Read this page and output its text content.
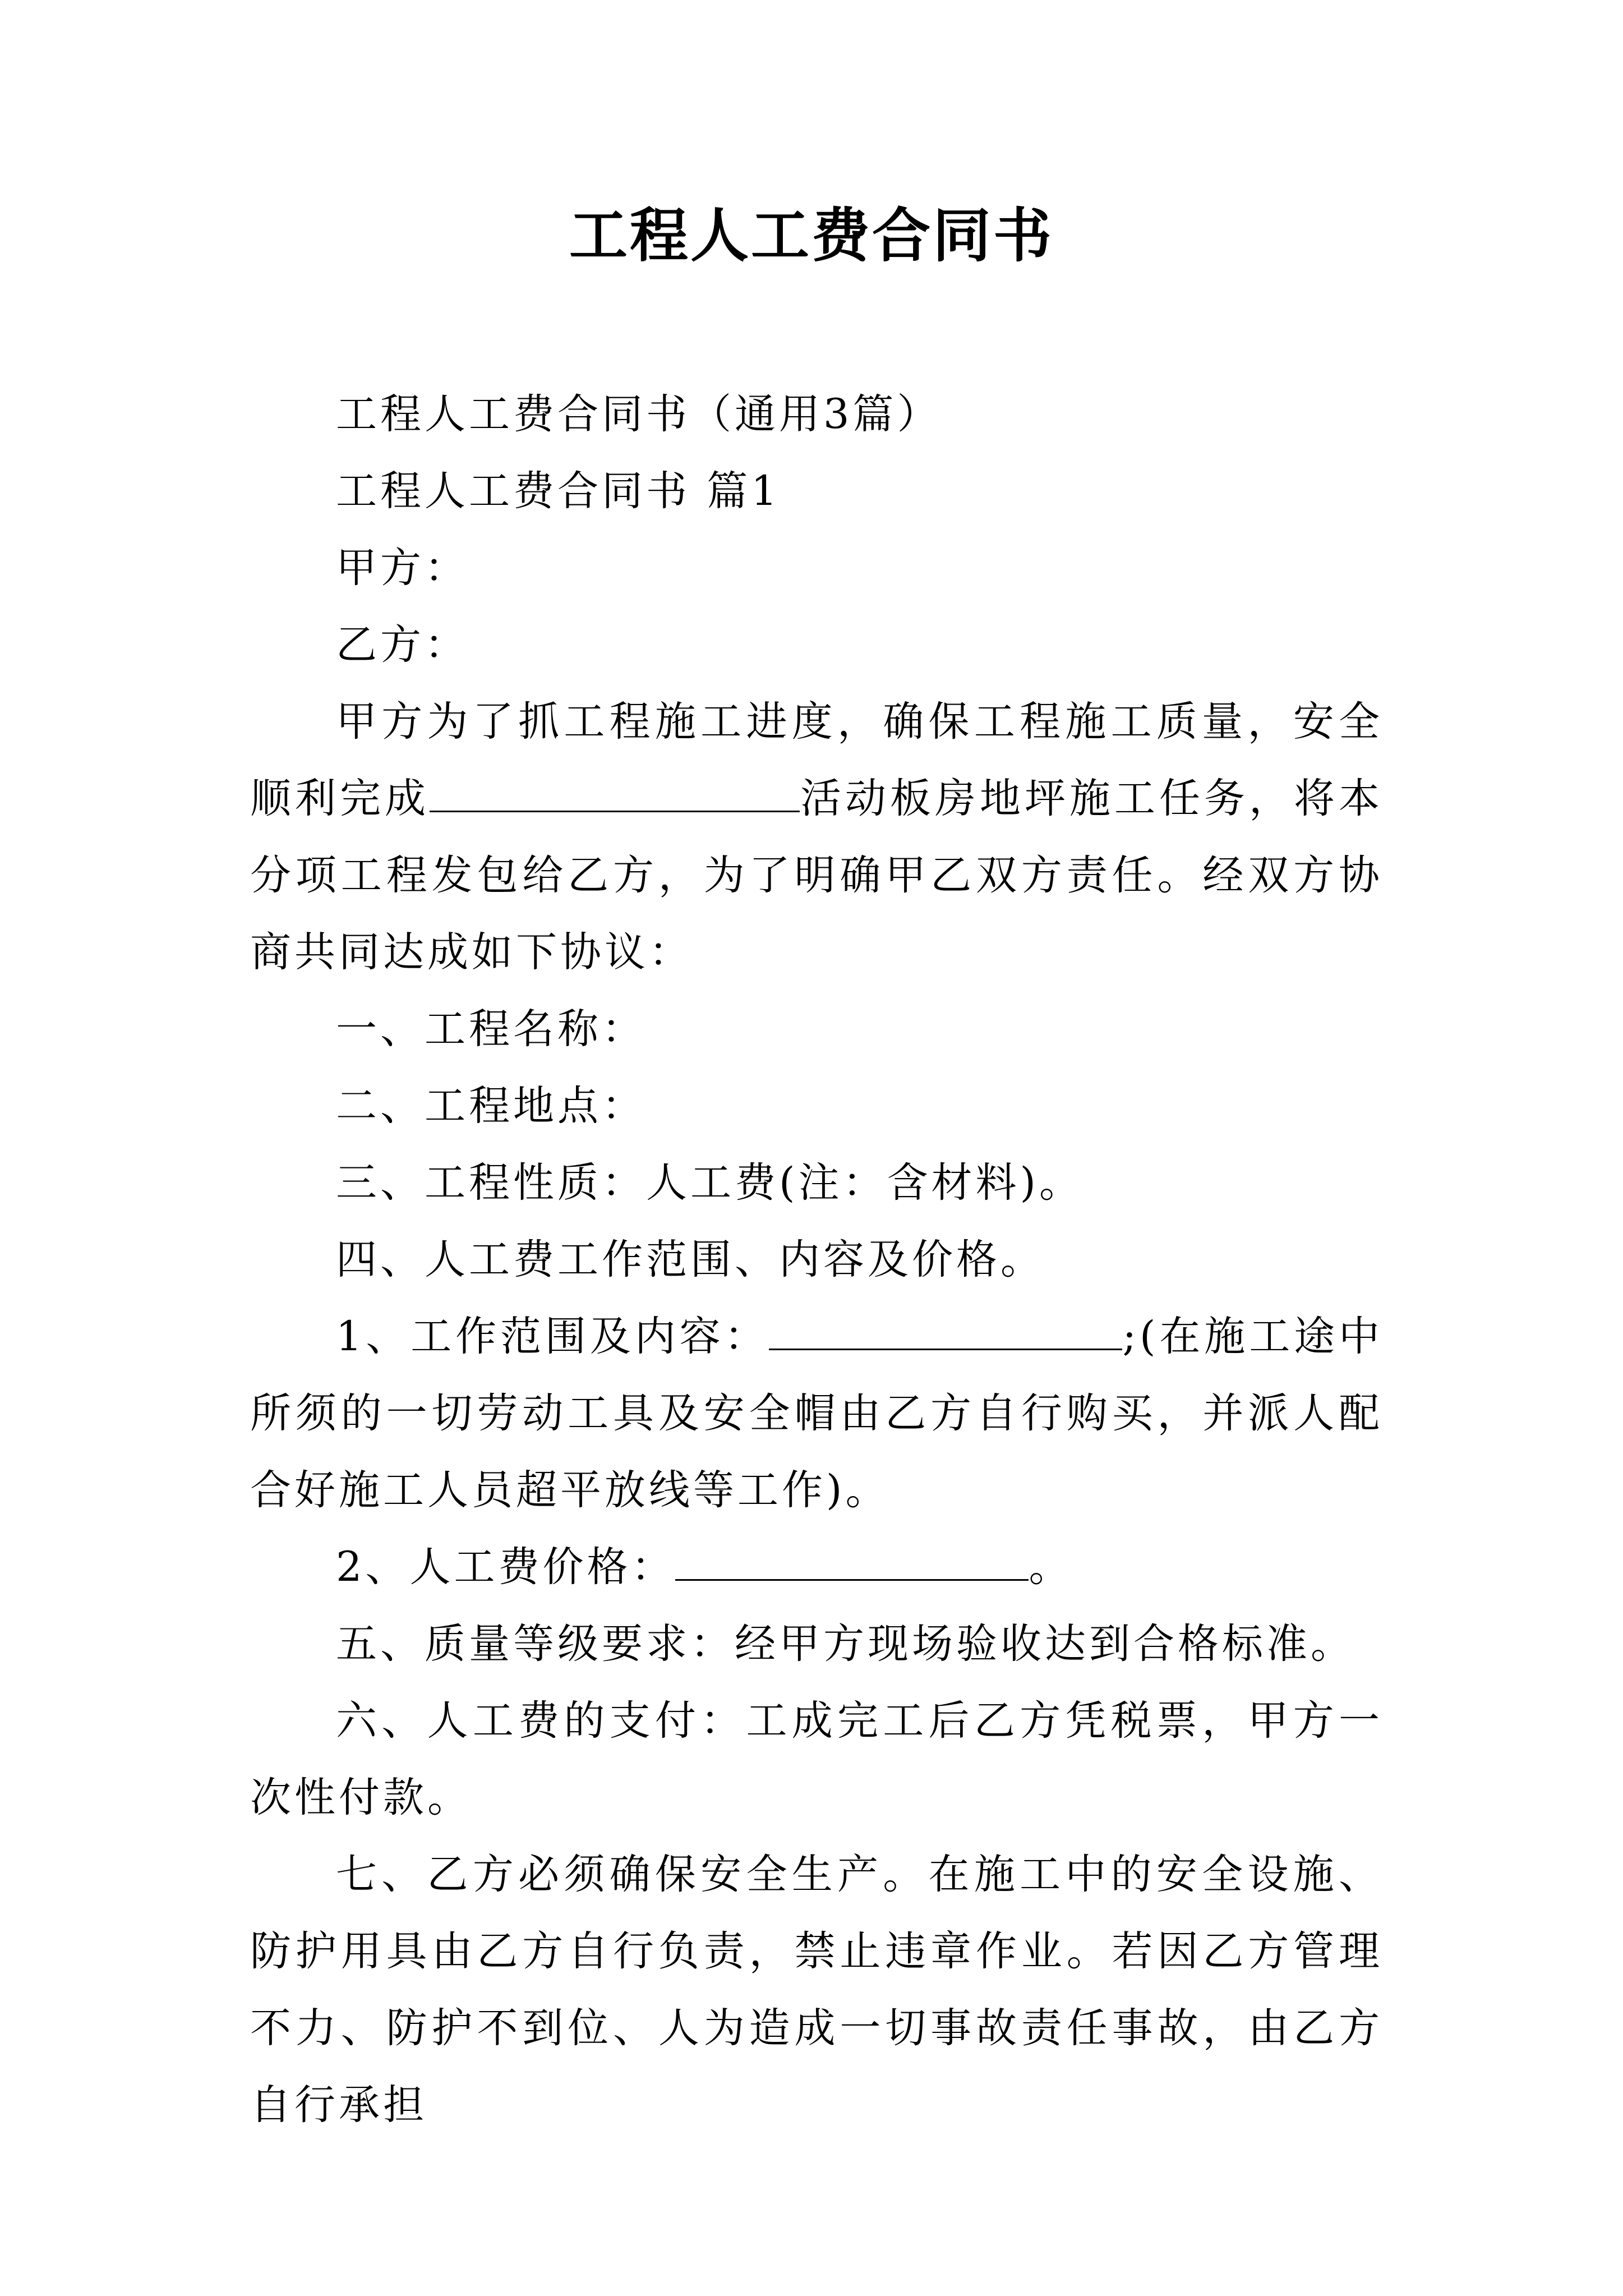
工程人工费合同书

工程人工费合同书（通用3篇）

工程人工费合同书 篇1

甲方：

乙方：

甲方为了抓工程施工进度，确保工程施工质量，安全顺利完成	活动板房地坪施工任务，将本分项工程发包给乙方，为了明确甲乙双方责任。经双方协商共同达成如下协议：

一、工程名称：

二、工程地点：

三、工程性质：人工费(注：含材料)。

四、人工费工作范围、内容及价格。

1、工作范围及内容：	;(在施工途中所须的一切劳动工具及安全帽由乙方自行购买，并派人配合好施工人员超平放线等工作)。

2、人工费价格：	。

五、质量等级要求：经甲方现场验收达到合格标准。

六、人工费的支付：工成完工后乙方凭税票，甲方一次性付款。

七、乙方必须确保安全生产。在施工中的安全设施、防护用具由乙方自行负责，禁止违章作业。若因乙方管理不力、防护不到位、人为造成一切事故责任事故，由乙方自行承担
